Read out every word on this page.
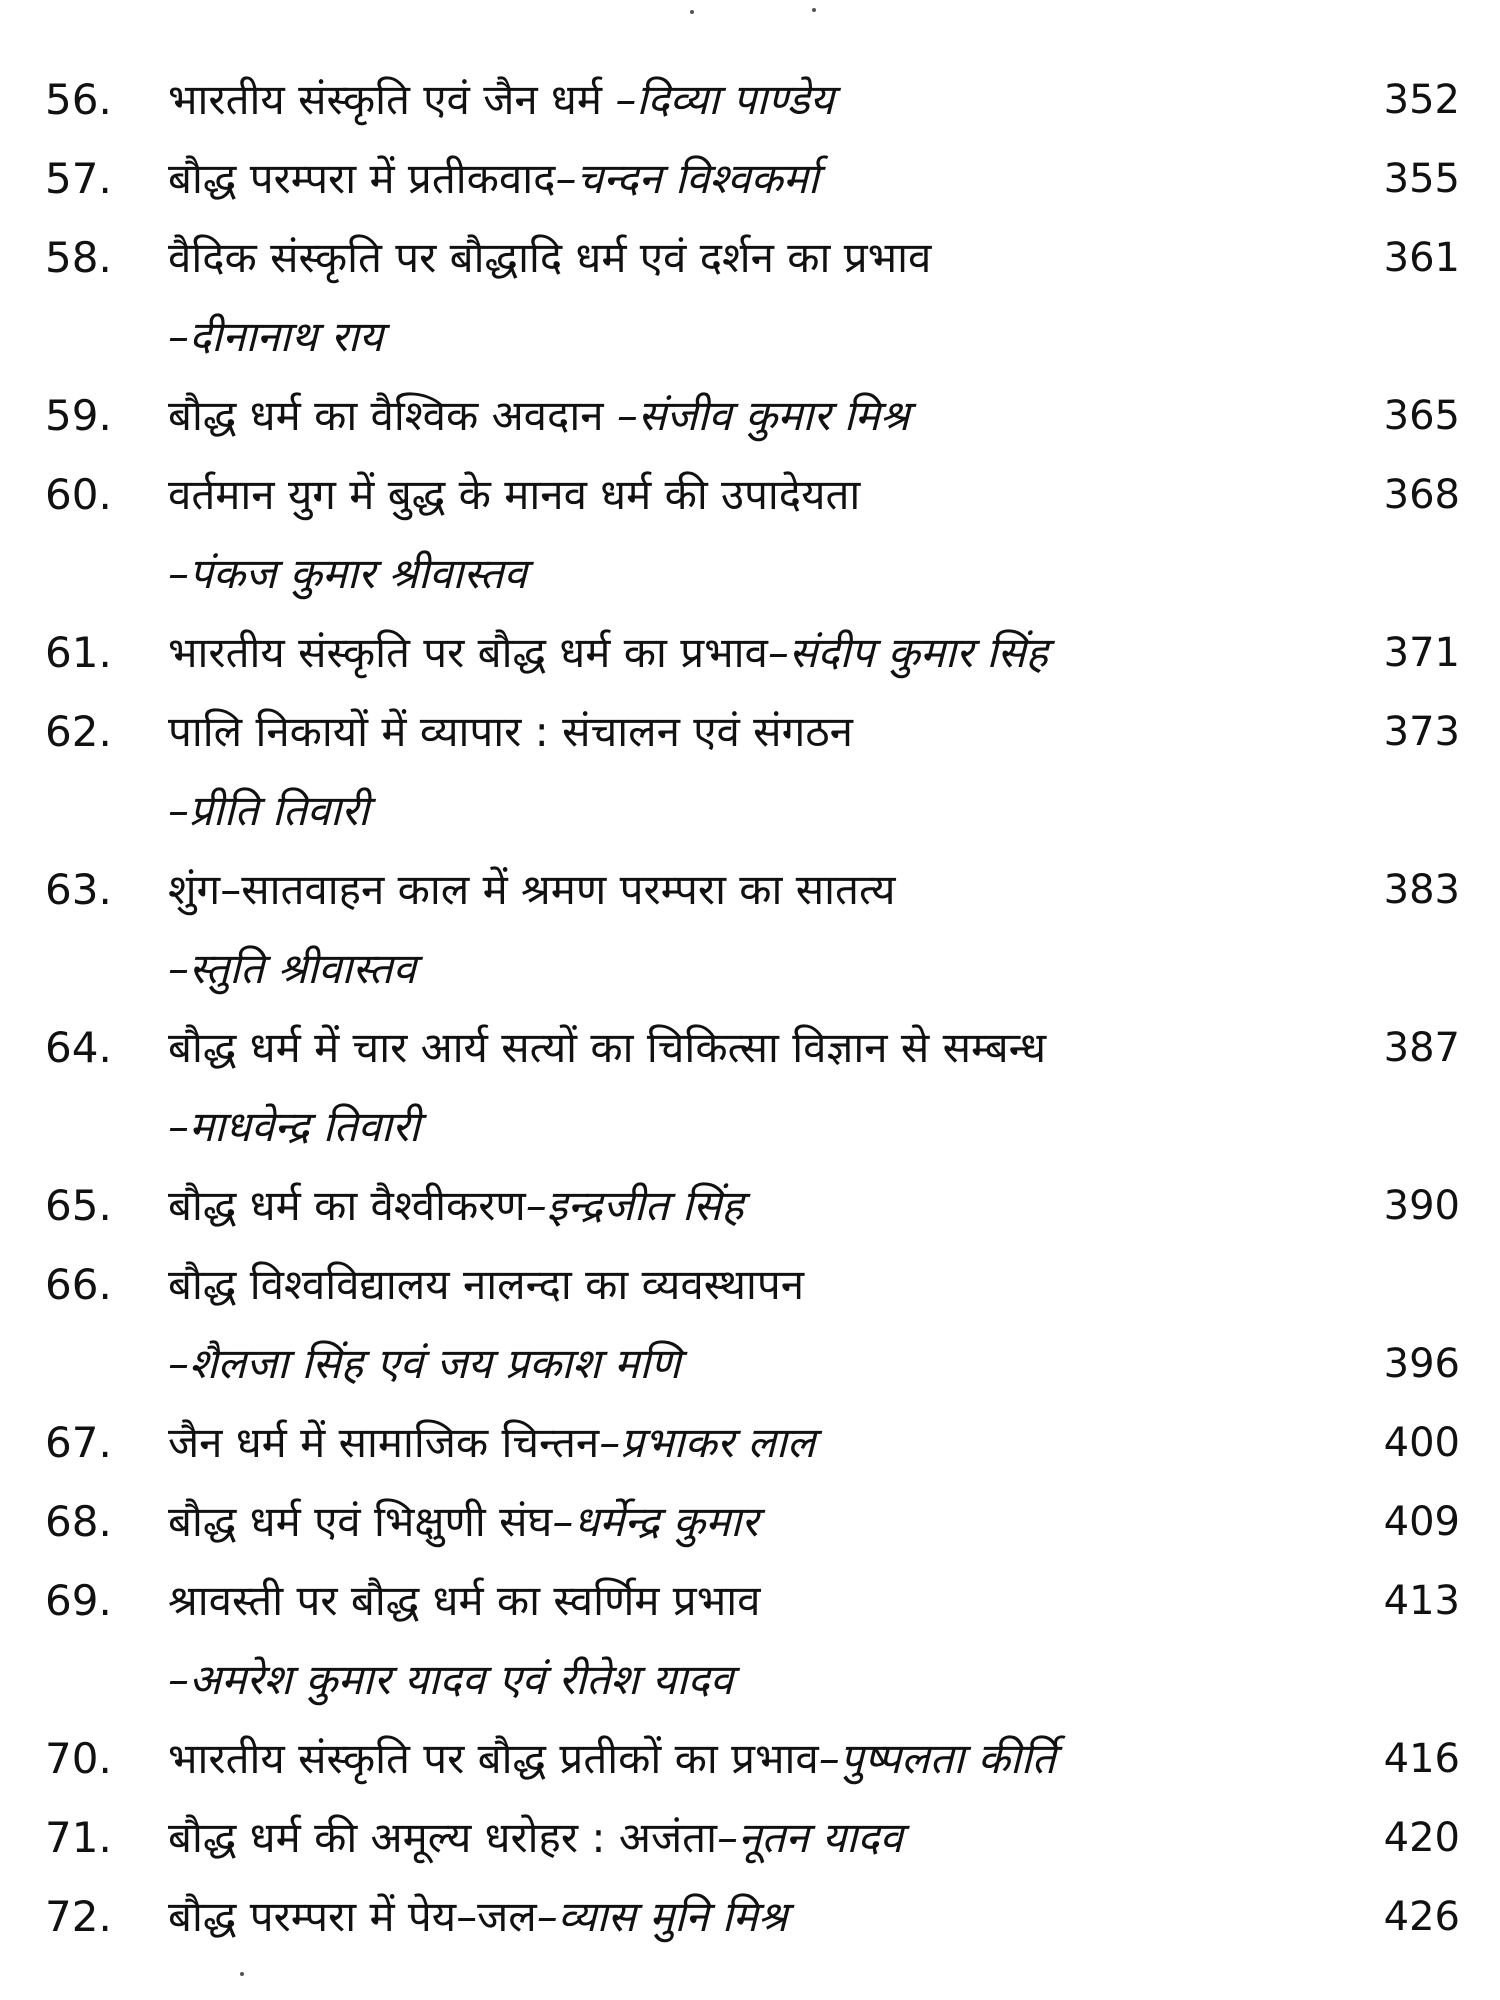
56. भारतीय संस्कृति एवं जैन धर्म –दिव्या पाण्डेय	352
57. बौद्ध परम्परा में प्रतीकवाद–चन्दन विश्वकर्मा	355
58. वैदिक संस्कृति पर बौद्धादि धर्म एवं दर्शन का प्रभाव	361
–दीनानाथ राय
59. बौद्ध धर्म का वैश्विक अवदान –संजीव कुमार मिश्र	365
60. वर्तमान युग में बुद्ध के मानव धर्म की उपादेयता	368
–पंकज कुमार श्रीवास्तव
61. भारतीय संस्कृति पर बौद्ध धर्म का प्रभाव–संदीप कुमार सिंह	371
62. पालि निकायों में व्यापार : संचालन एवं संगठन	373
–प्रीति तिवारी
63. शुंग–सातवाहन काल में श्रमण परम्परा का सातत्य	383
–स्तुति श्रीवास्तव
64. बौद्ध धर्म में चार आर्य सत्यों का चिकित्सा विज्ञान से सम्बन्ध	387
–माधवेन्द्र तिवारी
65. बौद्ध धर्म का वैश्वीकरण–इन्द्रजीत सिंह	390
66. बौद्ध विश्वविद्यालय नालन्दा का व्यवस्थापन
–शैलजा सिंह एवं जय प्रकाश मणि	396
67. जैन धर्म में सामाजिक चिन्तन–प्रभाकर लाल	400
68. बौद्ध धर्म एवं भिक्षुणी संघ–धर्मेन्द्र कुमार	409
69. श्रावस्ती पर बौद्ध धर्म का स्वर्णिम प्रभाव	413
–अमरेश कुमार यादव एवं रीतेश यादव
70. भारतीय संस्कृति पर बौद्ध प्रतीकों का प्रभाव–पुष्पलता कीर्ति	416
71. बौद्ध धर्म की अमूल्य धरोहर : अजंता–नूतन यादव	420
72. बौद्ध परम्परा में पेय–जल–व्यास मुनि मिश्र	426
